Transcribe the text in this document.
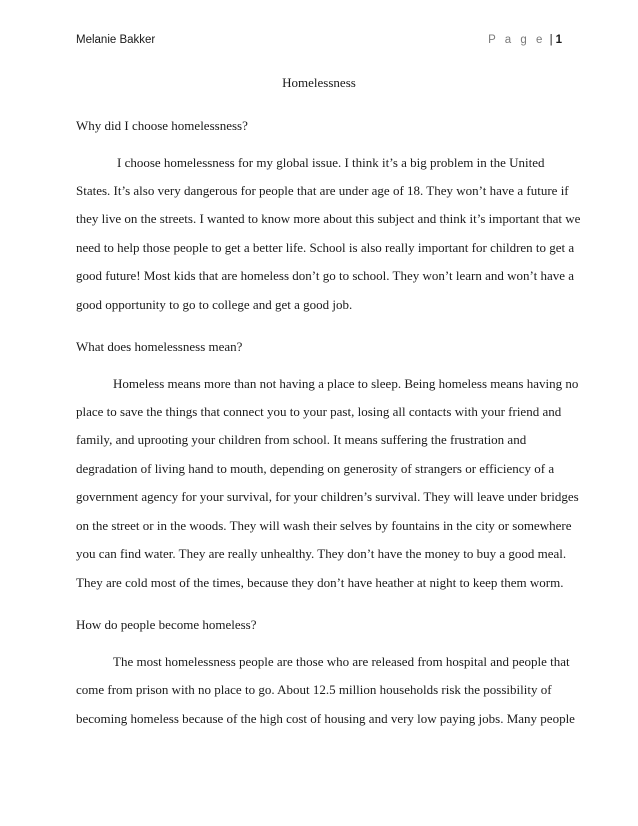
Melanie Bakker	P a g e | 1
Homelessness
Why did I choose homelessness?
I choose homelessness for my global issue. I think it’s a big problem in the United
States. It’s also very dangerous for people that are under age of 18. They won’t have a future if
they live on the streets. I wanted to know more about this subject and think it’s important that we
need to help those people to get a better life. School is also really important for children to get a
good future! Most kids that are homeless don’t go to school. They won’t learn and won’t have a
good opportunity to go to college and get a good job.
What does homelessness mean?
Homeless means more than not having a place to sleep. Being homeless means having no
place to save the things that connect you to your past, losing all contacts with your friend and
family, and uprooting your children from school. It means suffering the frustration and
degradation of living hand to mouth, depending on generosity of strangers or efficiency of a
government agency for your survival, for your children’s survival. They will leave under bridges
on the street or in the woods. They will wash their selves by fountains in the city or somewhere
you can find water. They are really unhealthy. They don’t have the money to buy a good meal.
They are cold most of the times, because they don’t have heather at night to keep them worm.
How do people become homeless?
The most homelessness people are those who are released from hospital and people that
come from prison with no place to go. About 12.5 million households risk the possibility of
becoming homeless because of the high cost of housing and very low paying jobs. Many people
